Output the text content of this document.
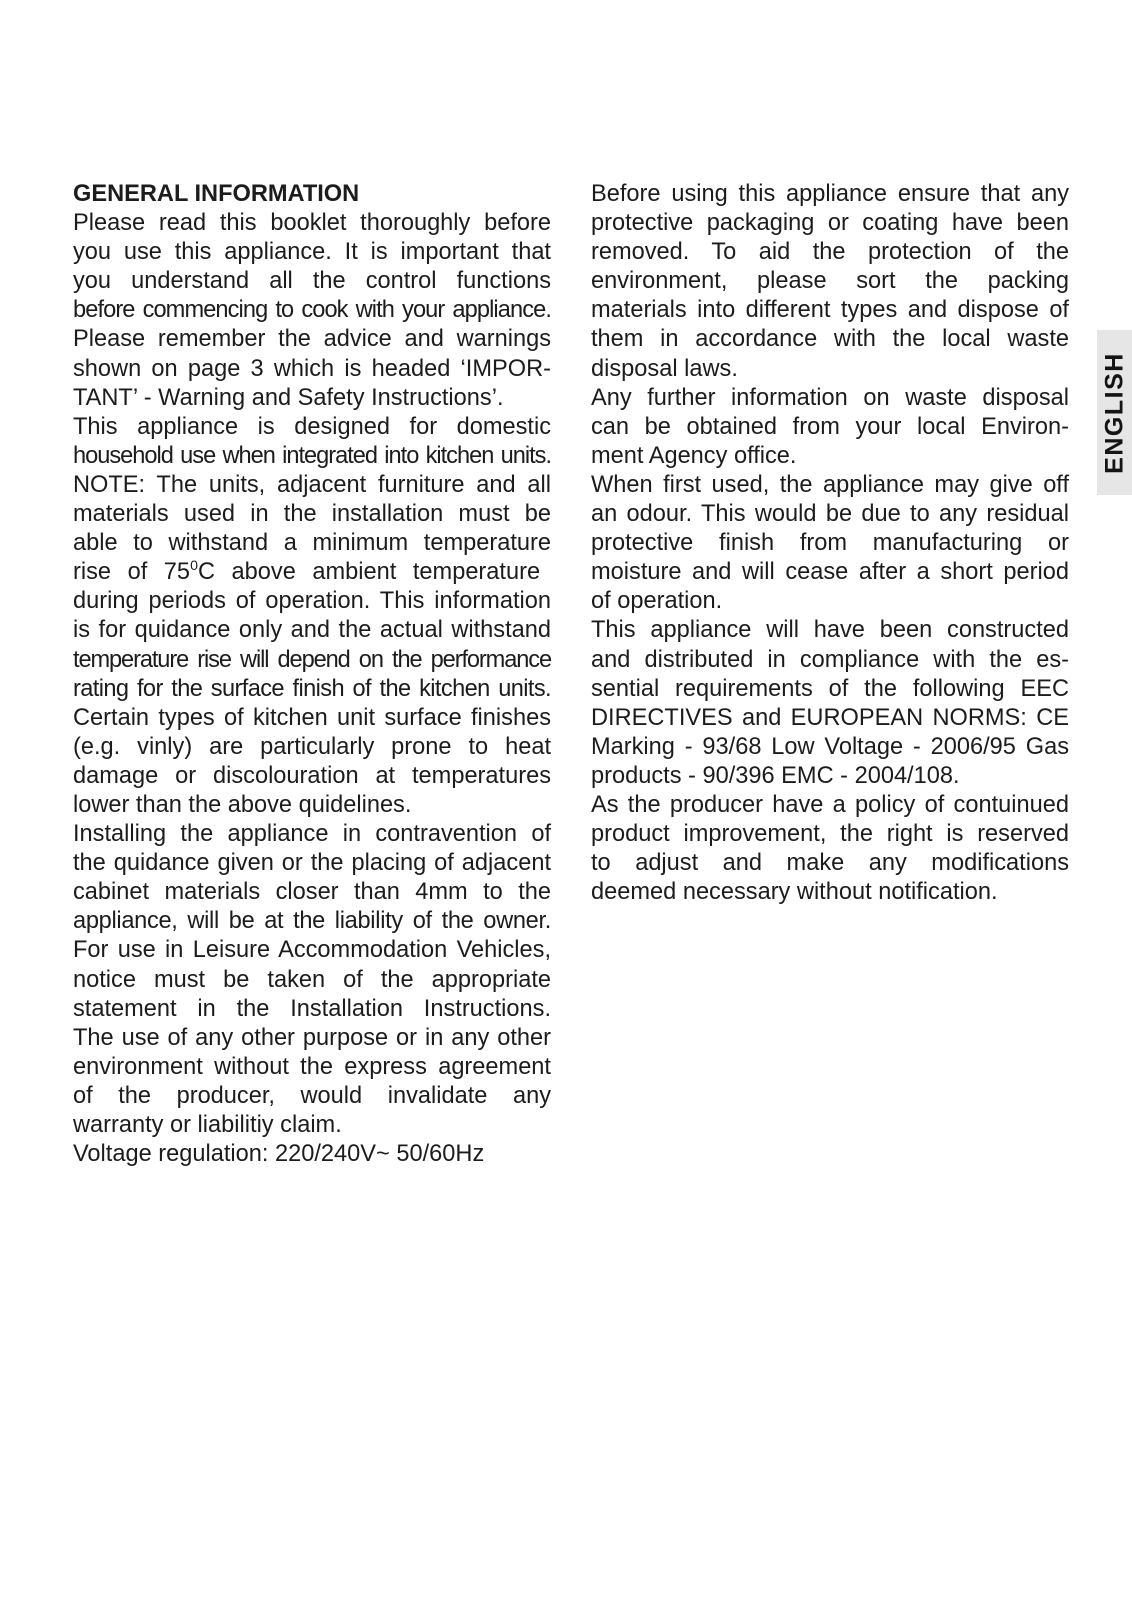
GENERAL INFORMATION
Please read this booklet thoroughly before
you use this appliance. It is important that
you understand all the control functions
before commencing to cook with your appliance.
Please remember the advice and warnings
shown on page 3 which is headed ‘IMPOR-
TANT’ - Warning and Safety Instructions’.
This appliance is designed for domestic
household use when integrated into kitchen units.
NOTE: The units, adjacent furniture and all
materials used in the installation must be
able to withstand a minimum temperature
rise of $75^0C$ above ambient temperature
during periods of operation. This information
is for quidance only and the actual withstand
temperature rise will depend on the performance
rating for the surface finish of the kitchen units.
Certain types of kitchen unit surface finishes
(e.g. vinly) are particularly prone to heat
damage or discolouration at temperatures
lower than the above quidelines.
Installing the appliance in contravention of
the quidance given or the placing of adjacent
cabinet materials closer than 4mm to the
appliance, will be at the liability of the owner.
For use in Leisure Accommodation Vehicles,
notice must be taken of the appropriate
statement in the Installation Instructions.
The use of any other purpose or in any other
environment without the express agreement
of the producer, would invalidate any
warranty or liabilitiy claim.
Voltage regulation: 220/240V~ 50/60Hz
Before using this appliance ensure that any
protective packaging or coating have been
removed. To aid the protection of the
environment, please sort the packing
materials into different types and dispose of
them in accordance with the local waste
disposal laws.
Any further information on waste disposal
can be obtained from your local Environ-
ment Agency office.
When first used, the appliance may give off
an odour. This would be due to any residual
protective finish from manufacturing or
moisture and will cease after a short period
of operation.
This appliance will have been constructed
and distributed in compliance with the es-
sential requirements of the following EEC
DIRECTIVES and EUROPEAN NORMS: CE
Marking - 93/68 Low Voltage - 2006/95 Gas
products - 90/396 EMC - 2004/108.
As the producer have a policy of contuinued
product improvement, the right is reserved
to adjust and make any modifications
deemed necessary without notification.
ENGLISH
